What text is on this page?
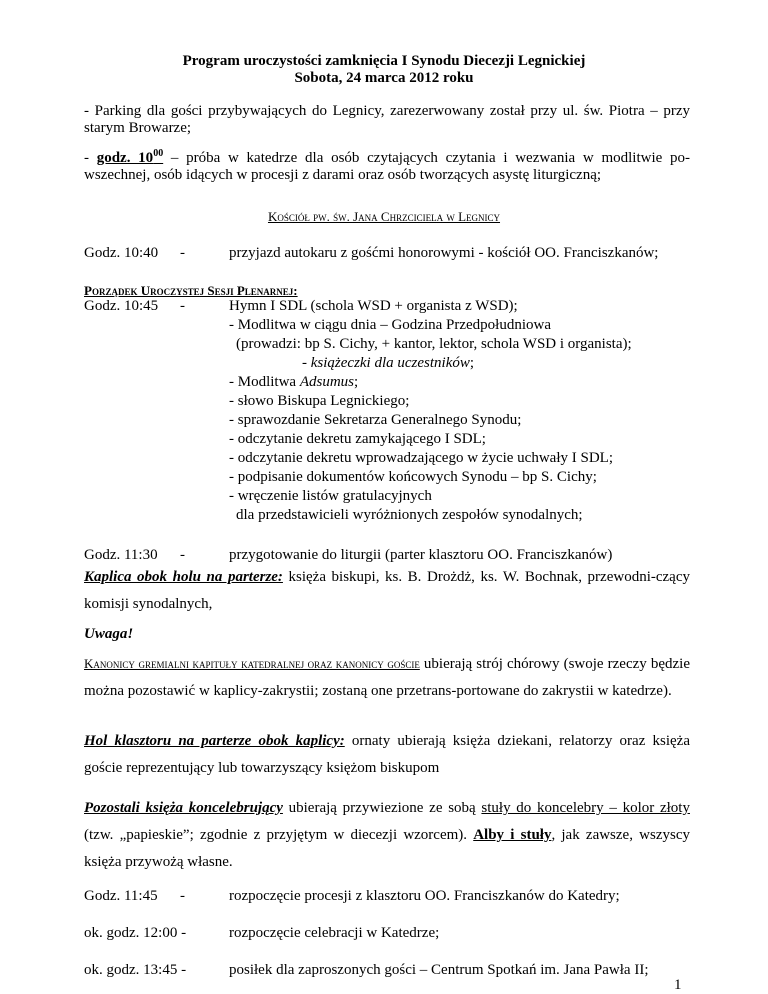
Program uroczystości zamknięcia I Synodu Diecezji Legnickiej
Sobota, 24 marca 2012 roku
- Parking dla gości przybywających do Legnicy, zarezerwowany został przy ul. św. Piotra – przy starym Browarze;
- godz. $10^{00}$ – próba w katedrze dla osób czytających czytania i wezwania w modlitwie po-wszechnej, osób idących w procesji z darami oraz osób tworzących asystę liturgiczną;
Kościół pw. św. Jana Chrzciciela w Legnicy
Godz. 10:40 -	przyjazd autokaru z gośćmi honorowymi - kościół OO. Franciszkanów;
Porządek Uroczystej Sesji Plenarnej:
Godz. 10:45 -	Hymn I SDL (schola WSD + organista z WSD);
- Modlitwa w ciągu dnia – Godzina Przedpołudniowa
(prowadzi: bp S. Cichy, + kantor, lektor, schola WSD i organista);
- książeczki dla uczestników;
- Modlitwa Adsumus;
- słowo Biskupa Legnickiego;
- sprawozdanie Sekretarza Generalnego Synodu;
- odczytanie dekretu zamykającego I SDL;
- odczytanie dekretu wprowadzającego w życie uchwały I SDL;
- podpisanie dokumentów końcowych Synodu – bp S. Cichy;
- wręczenie listów gratulacyjnych
dla przedstawicieli wyróżnionych zespołów synodalnych;
Godz. 11:30 -	przygotowanie do liturgii (parter klasztoru OO. Franciszkanów)
Kaplica obok holu na parterze: księża biskupi, ks. B. Drożdż, ks. W. Bochnak, przewodni-czący komisji synodalnych,
Uwaga!
Kanonicy gremialni kapituły katedralnej oraz kanonicy goście ubierają strój chórowy (swoje rzeczy będzie można pozostawić w kaplicy-zakrystii; zostaną one przetrans-portowane do zakrystii w katedrze).
Hol klasztoru na parterze obok kaplicy: ornaty ubierają księża dziekani, relatorzy oraz księża goście reprezentujący lub towarzyszący księżom biskupom
Pozostali księża koncelebrujący ubierają przywiezione ze sobą stuły do koncelebry – kolor złoty (tzw. „papieskie”; zgodnie z przyjętym w diecezji wzorcem). Alby i stuły, jak zawsze, wszyscy księża przywożą własne.
Godz. 11:45 -	rozpoczęcie procesji z klasztoru OO. Franciszkanów do Katedry;
ok. godz. 12:00 -	rozpoczęcie celebracji w Katedrze;
ok. godz. 13:45 -	posiłek dla zaproszonych gości – Centrum Spotkań im. Jana Pawła II;
1
